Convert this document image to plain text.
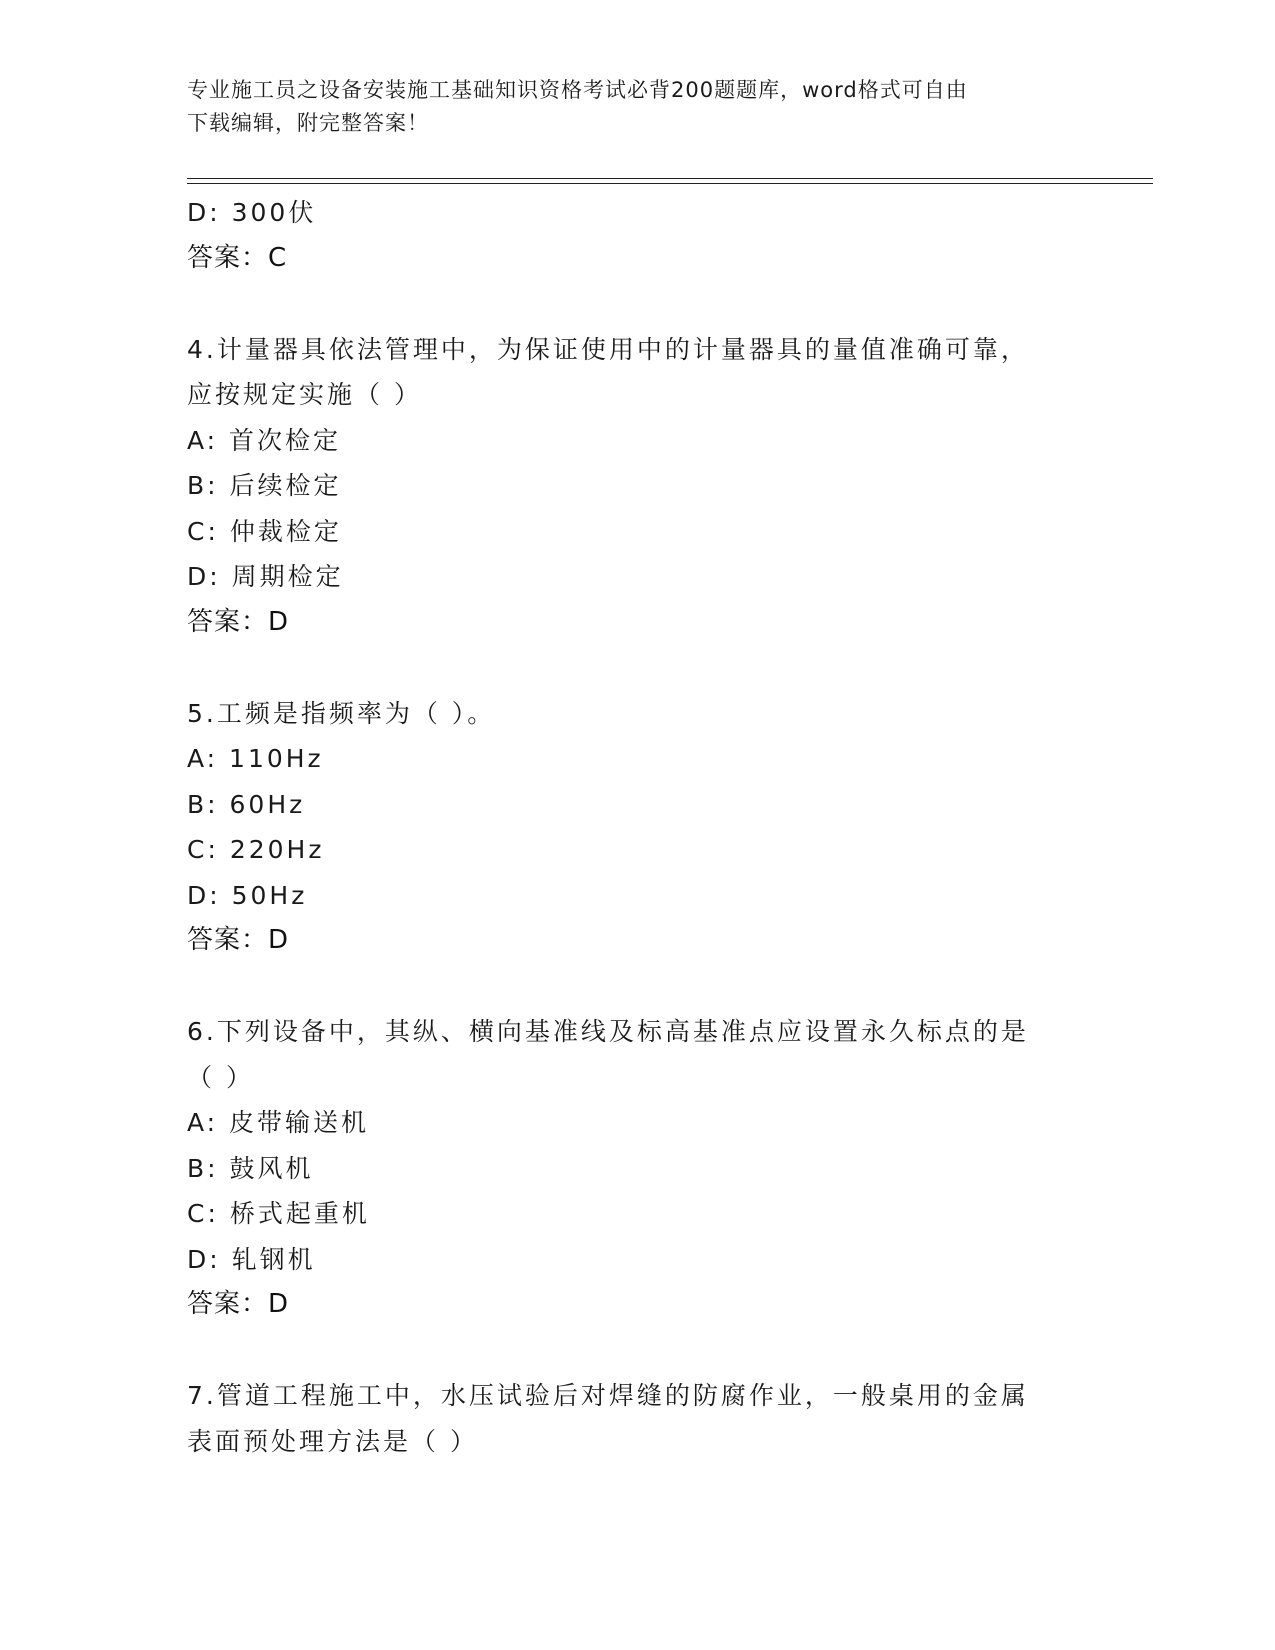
专业施工员之设备安装施工基础知识资格考试必背200题题库，word格式可自由
下载编辑，附完整答案！
D: 300伏
答案：C
4.计量器具依法管理中，为保证使用中的计量器具的量值准确可靠，
应按规定实施（ ）
A: 首次检定
B: 后续检定
C: 仲裁检定
D: 周期检定
答案：D
5.工频是指频率为（ ）。
A: 110Hz
B: 60Hz
C: 220Hz
D: 50Hz
答案：D
6.下列设备中，其纵、横向基准线及标高基准点应设置永久标点的是
（ ）
A: 皮带输送机
B: 鼓风机
C: 桥式起重机
D: 轧钢机
答案：D
7.管道工程施工中，水压试验后对焊缝的防腐作业，一般桌用的金属
表面预处理方法是（ ）
